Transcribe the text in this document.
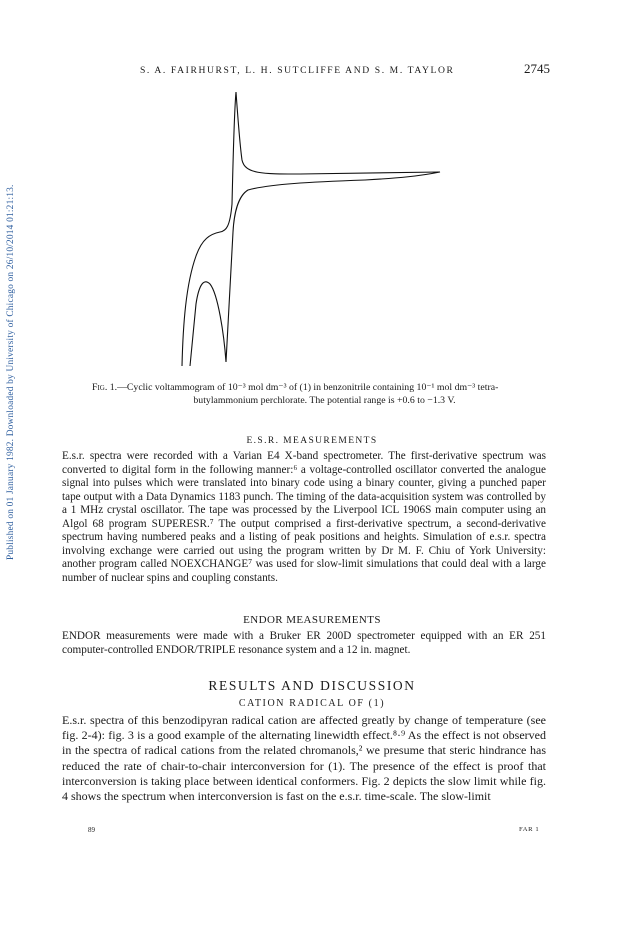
S. A. FAIRHURST, L. H. SUTCLIFFE AND S. M. TAYLOR	2745
Published on 01 January 1982. Downloaded by University of Chicago on 26/10/2014 01:21:13.	Fig. 1.—Cyclic voltammogram of 10⁻³ mol dm⁻³ of (1) in benzonitrile containing 10⁻¹ mol dm⁻³ tetra-
butylammonium perchlorate. The potential range is +0.6 to −1.3 V.
E.S.R. MEASUREMENTS
E.s.r. spectra were recorded with a Varian E4 X-band spectrometer. The first-derivative spectrum was converted to digital form in the following manner:⁶ a voltage-controlled oscillator converted the analogue signal into pulses which were translated into binary code using a binary counter, giving a punched paper tape output with a Data Dynamics 1183 punch. The timing of the data-acquisition system was controlled by a 1 MHz crystal oscillator. The tape was processed by the Liverpool ICL 1906S main computer using an Algol 68 program SUPERESR.⁷ The output comprised a first-derivative spectrum, a second-derivative spectrum having numbered peaks and a listing of peak positions and heights. Simulation of e.s.r. spectra involving exchange were carried out using the program written by Dr M. F. Chiu of York University: another program called NOEXCHANGE⁷ was used for slow-limit simulations that could deal with a large number of nuclear spins and coupling constants.
ENDOR MEASUREMENTS
ENDOR measurements were made with a Bruker ER 200D spectrometer equipped with an ER 251 computer-controlled ENDOR/TRIPLE resonance system and a 12 in. magnet.
RESULTS AND DISCUSSION
CATION RADICAL OF (1)
E.s.r. spectra of this benzodipyran radical cation are affected greatly by change of temperature (see fig. 2-4): fig. 3 is a good example of the alternating linewidth effect.⁸·⁹ As the effect is not observed in the spectra of radical cations from the related chromanols,² we presume that steric hindrance has reduced the rate of chair-to-chair interconversion for (1). The presence of the effect is proof that interconversion is taking place between identical conformers. Fig. 2 depicts the slow limit while fig. 4 shows the spectrum when interconversion is fast on the e.s.r. time-scale. The slow-limit
89	FAR 1
